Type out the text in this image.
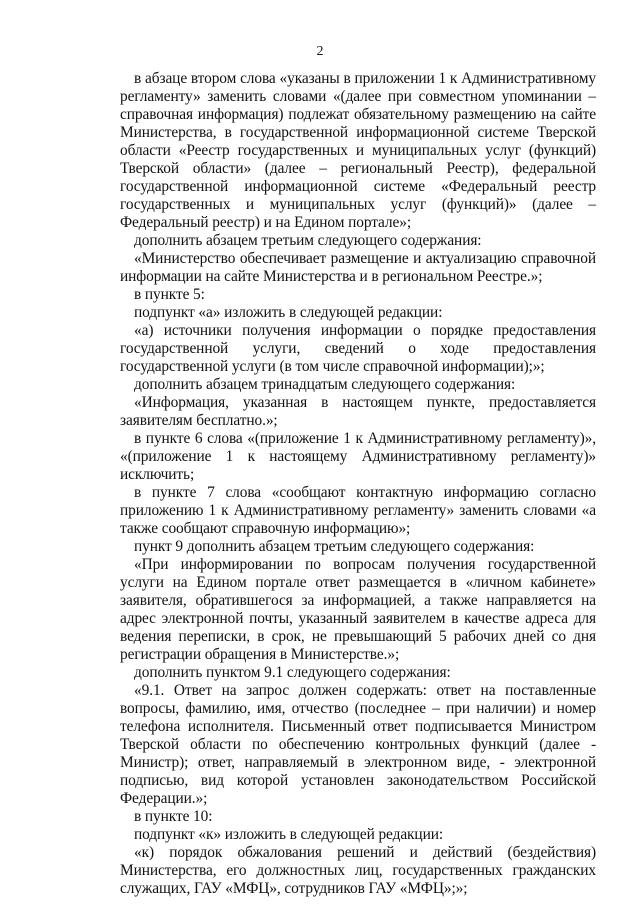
2

в абзаце втором слова «указаны в приложении 1 к Административному регламенту» заменить словами «(далее при совместном упоминании – справочная информация) подлежат обязательному размещению на сайте Министерства, в государственной информационной системе Тверской области «Реестр государственных и муниципальных услуг (функций) Тверской области» (далее – региональный Реестр), федеральной государственной информационной системе «Федеральный реестр государственных и муниципальных услуг (функций)» (далее – Федеральный реестр) и на Едином портале»;

дополнить абзацем третьим следующего содержания:

«Министерство обеспечивает размещение и актуализацию справочной информации на сайте Министерства и в региональном Реестре.»;

в пункте 5:

подпункт «а» изложить в следующей редакции:

«а) источники получения информации о порядке предоставления государственной услуги, сведений о ходе предоставления государственной услуги (в том числе справочной информации);»;

дополнить абзацем тринадцатым следующего содержания:

«Информация, указанная в настоящем пункте, предоставляется заявителям бесплатно.»;

в пункте 6 слова «(приложение 1 к Административному регламенту)», «(приложение 1 к настоящему Административному регламенту)» исключить;

в пункте 7 слова «сообщают контактную информацию согласно приложению 1 к Административному регламенту» заменить словами «а также сообщают справочную информацию»;

пункт 9 дополнить абзацем третьим следующего содержания:

«При информировании по вопросам получения государственной услуги на Едином портале ответ размещается в «личном кабинете» заявителя, обратившегося за информацией, а также направляется на адрес электронной почты, указанный заявителем в качестве адреса для ведения переписки, в срок, не превышающий 5 рабочих дней со дня регистрации обращения в Министерстве.»;

дополнить пунктом 9.1 следующего содержания:

«9.1. Ответ на запрос должен содержать: ответ на поставленные вопросы, фамилию, имя, отчество (последнее – при наличии) и номер телефона исполнителя. Письменный ответ подписывается Министром Тверской области по обеспечению контрольных функций (далее - Министр); ответ, направляемый в электронном виде, - электронной подписью, вид которой установлен законодательством Российской Федерации.»;

в пункте 10:

подпункт «к» изложить в следующей редакции:

«к) порядок обжалования решений и действий (бездействия) Министерства, его должностных лиц, государственных гражданских служащих, ГАУ «МФЦ», сотрудников ГАУ «МФЦ»;»;
